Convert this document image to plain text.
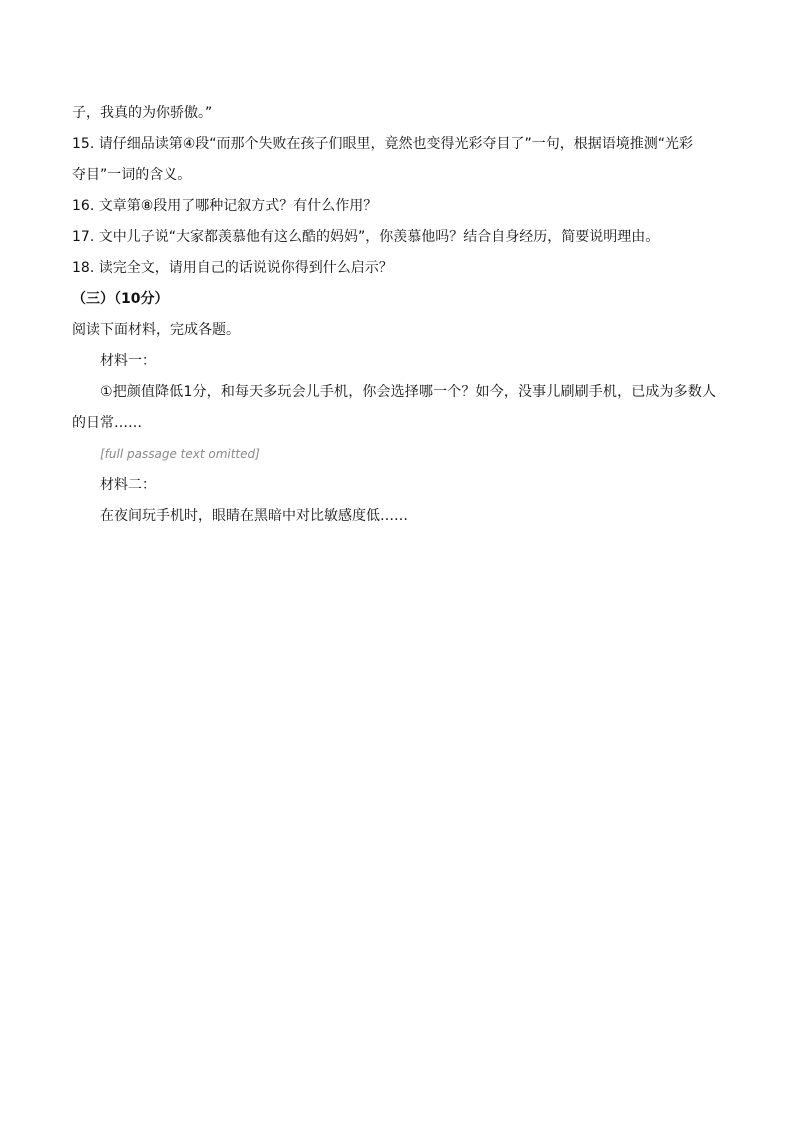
子，我真的为你骄傲。”

15. 请仔细品读第④段“而那个失败在孩子们眼里，竟然也变得光彩夺目了”一句，根据语境推测“光彩

夺目”一词的含义。

16. 文章第⑧段用了哪种记叙方式？有什么作用？

17. 文中儿子说“大家都羡慕他有这么酷的妈妈”，你羡慕他吗？结合自身经历，简要说明理由。

18. 读完全文，请用自己的话说说你得到什么启示？

（三）（10分）

阅读下面材料，完成各题。

材料一：

①把颜值降低1分，和每天多玩会儿手机，你会选择哪一个？如今，没事儿刷刷手机，已成为多数人的日常……

[full passage text omitted]

材料二：

在夜间玩手机时，眼睛在黑暗中对比敏感度低……
